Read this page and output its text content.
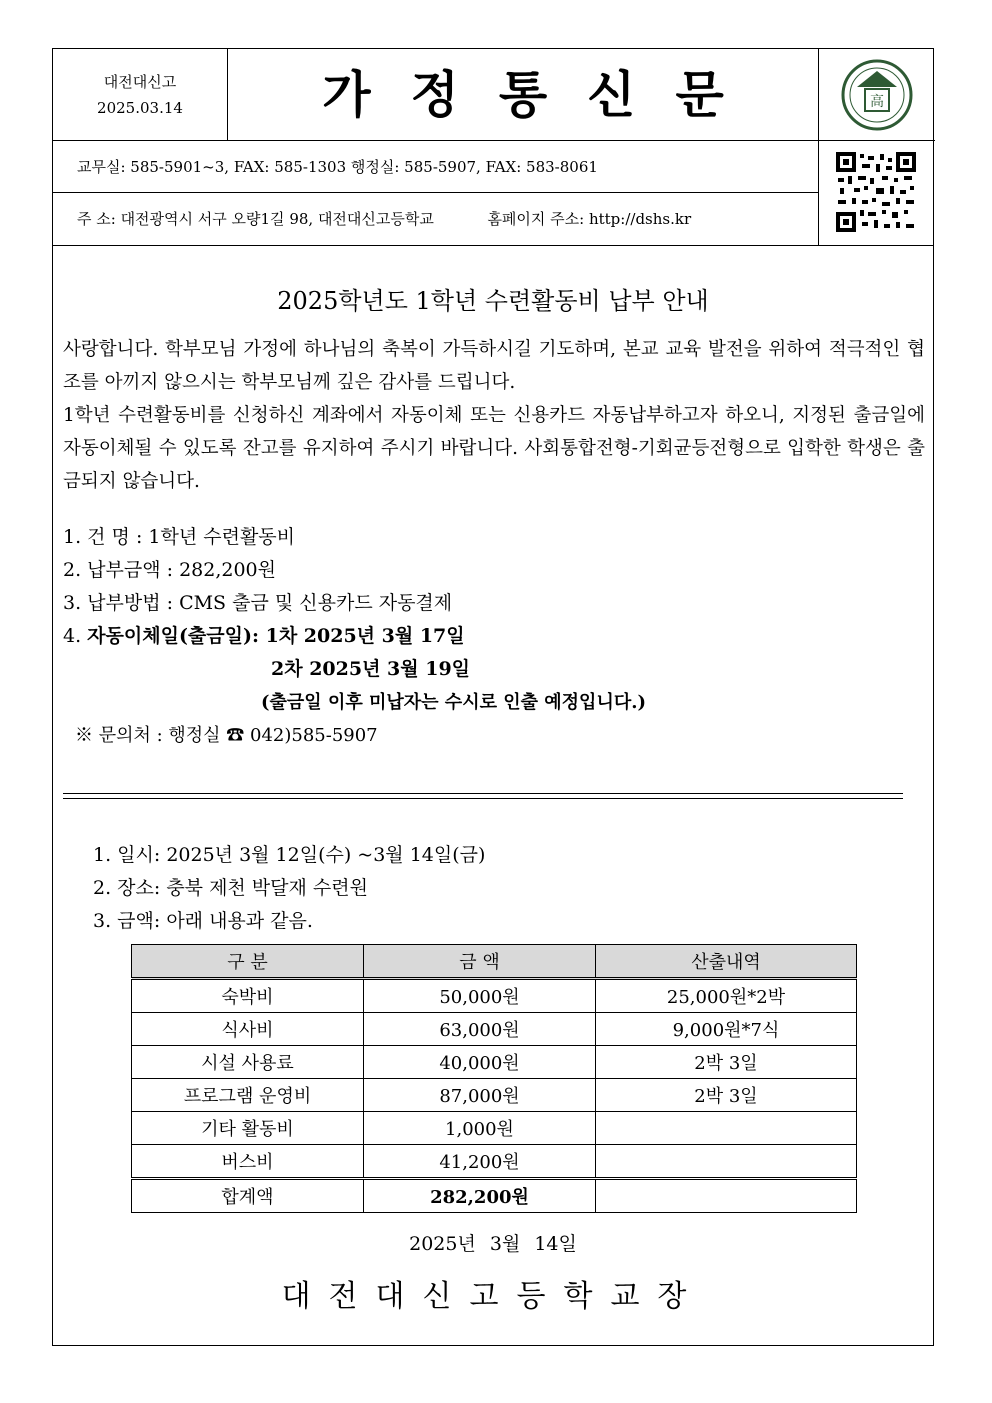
대전대신고
2025.03.14	가정통신문	高
교무실: 585-5901~3, FAX: 585-1303 행정실: 585-5907, FAX: 583-8061
주 소: 대전광역시 서구 오량1길 98, 대전대신고등학교	홈페이지 주소: http://dshs.kr
2025학년도 1학년 수련활동비 납부 안내
사랑합니다. 학부모님 가정에 하나님의 축복이 가득하시길 기도하며, 본교 교육 발전을 위하여 적극적인 협조를 아끼지 않으시는 학부모님께 깊은 감사를 드립니다.
1학년 수련활동비를 신청하신 계좌에서 자동이체 또는 신용카드 자동납부하고자 하오니, 지정된 출금일에 자동이체될 수 있도록 잔고를 유지하여 주시기 바랍니다. 사회통합전형-기회균등전형으로 입학한 학생은 출금되지 않습니다.
1. 건 명 : 1학년 수련활동비
2. 납부금액 : 282,200원
3. 납부방법 : CMS 출금 및 신용카드 자동결제
4. 자동이체일(출금일): 1차 2025년 3월 17일
2차 2025년 3월 19일
(출금일 이후 미납자는 수시로 인출 예정입니다.)
※ 문의처 : 행정실 ☎ 042)585-5907
1. 일시: 2025년 3월 12일(수) ~3월 14일(금)
2. 장소: 충북 제천 박달재 수련원
3. 금액: 아래 내용과 같음.
구 분	금 액	산출내역
숙박비	50,000원	25,000원*2박
식사비	63,000원	9,000원*7식
시설 사용료	40,000원	2박 3일
프로그램 운영비	87,000원	2박 3일
기타 활동비	1,000원	
버스비	41,200원	
합계액	282,200원	
2025년 3월 14일
대전대신고등학교장
